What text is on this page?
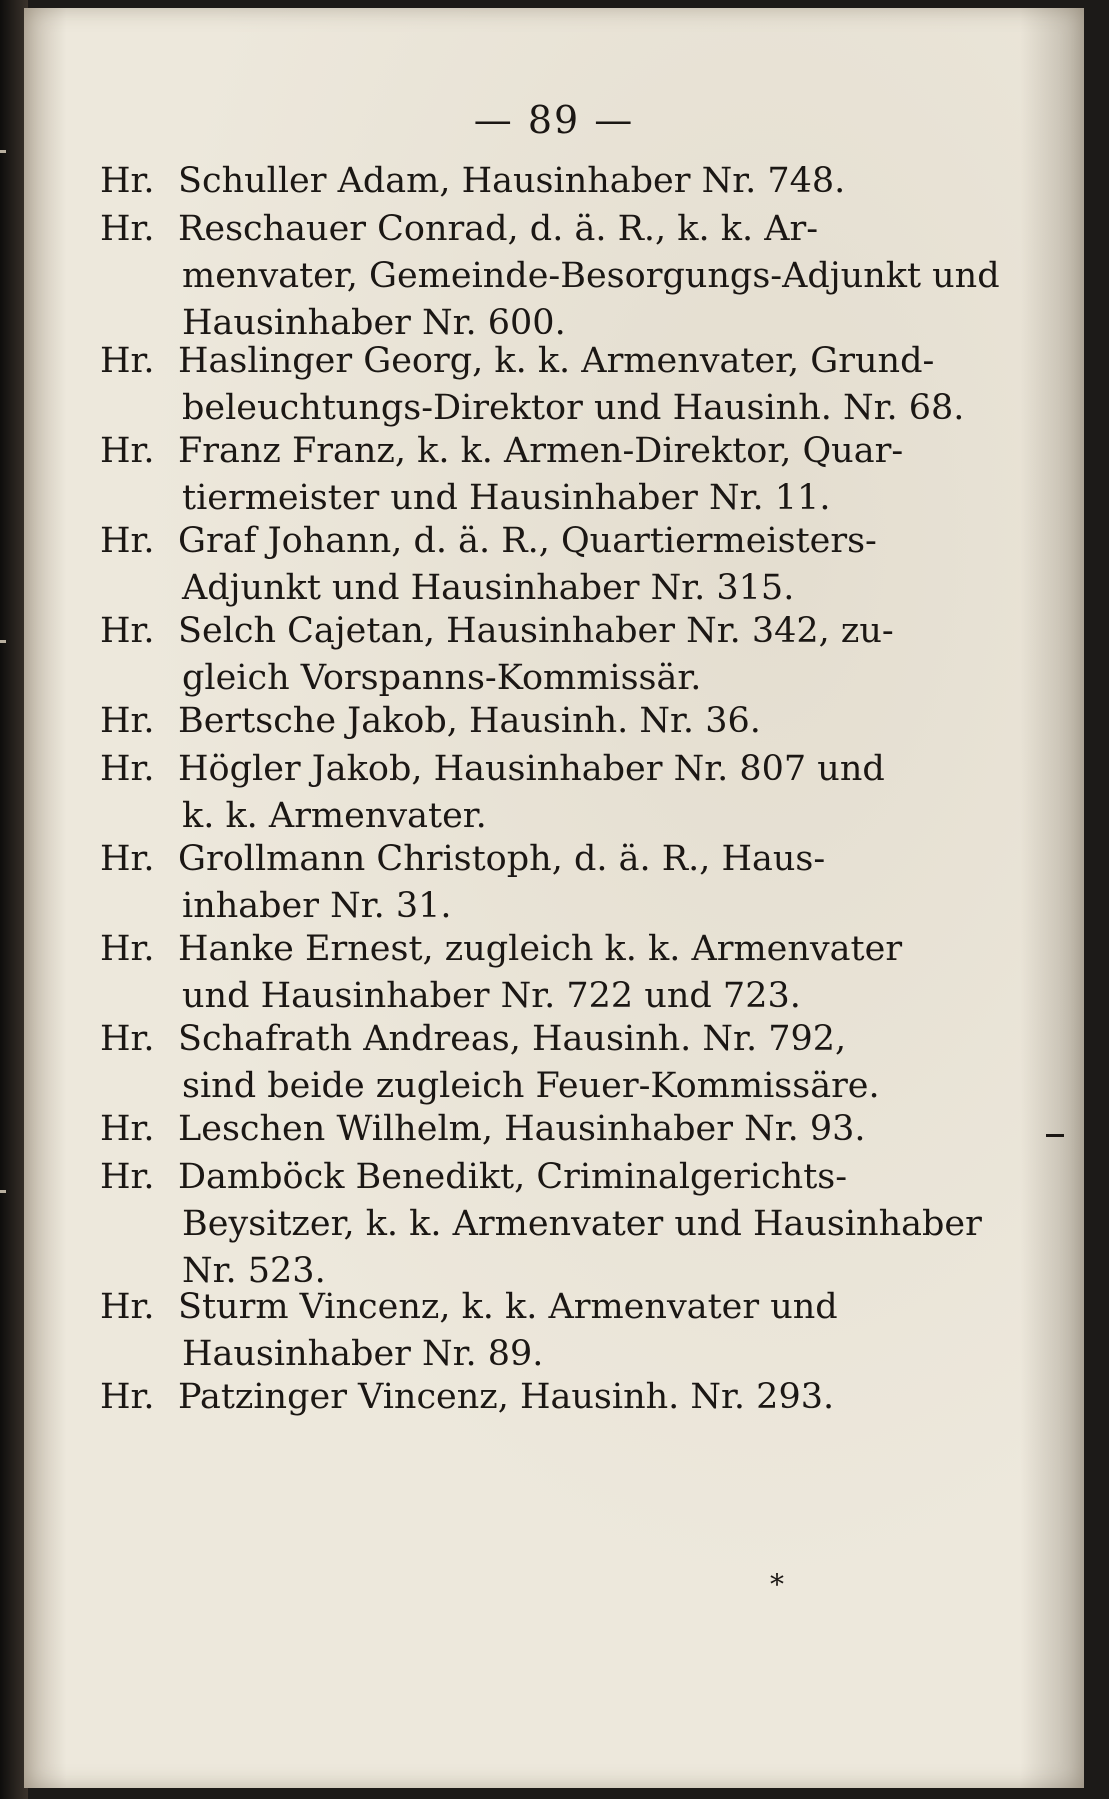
— 89 —
Hr. Schuller Adam, Hausinhaber Nr. 748.
Hr. Reschauer Conrad, d. ä. R., k. k. Ar-
menvater, Gemeinde-Besorgungs-Adjunkt und
Hausinhaber Nr. 600.
Hr. Haslinger Georg, k. k. Armenvater, Grund-
beleuchtungs-Direktor und Hausinh. Nr. 68.
Hr. Franz Franz, k. k. Armen-Direktor, Quar-
tiermeister und Hausinhaber Nr. 11.
Hr. Graf Johann, d. ä. R., Quartiermeisters-
Adjunkt und Hausinhaber Nr. 315.
Hr. Selch Cajetan, Hausinhaber Nr. 342, zu-
gleich Vorspanns-Kommissär.
Hr. Bertsche Jakob, Hausinh. Nr. 36.
Hr. Högler Jakob, Hausinhaber Nr. 807 und
k. k. Armenvater.
Hr. Grollmann Christoph, d. ä. R., Haus-
inhaber Nr. 31.
Hr. Hanke Ernest, zugleich k. k. Armenvater
und Hausinhaber Nr. 722 und 723.
Hr. Schafrath Andreas, Hausinh. Nr. 792,
sind beide zugleich Feuer-Kommissäre.
Hr. Leschen Wilhelm, Hausinhaber Nr. 93.
Hr. Damböck Benedikt, Criminalgerichts-
Beysitzer, k. k. Armenvater und Hausinhaber
Nr. 523.
Hr. Sturm Vincenz, k. k. Armenvater und
Hausinhaber Nr. 89.
Hr. Patzinger Vincenz, Hausinh. Nr. 293.
*
